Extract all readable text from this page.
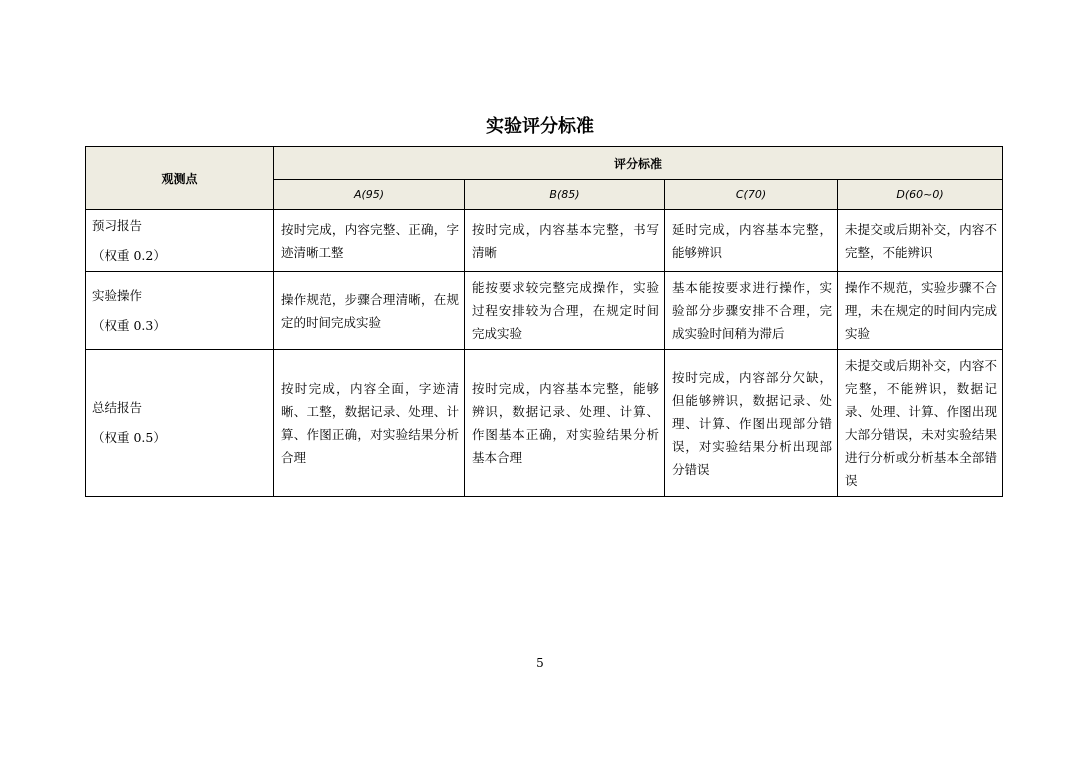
实验评分标准
观测点	评分标准			
	A(95)	B(85)	C(70)	D(60~0)
预习报告
（权重 0.2）	按时完成，内容完整、正确，字迹清晰工整	按时完成，内容基本完整，书写清晰	延时完成，内容基本完整，能够辨识	未提交或后期补交，内容不完整，不能辨识
实验操作
（权重 0.3）	操作规范，步骤合理清晰，在规定的时间完成实验	能按要求较完整完成操作，实验过程安排较为合理，在规定时间完成实验	基本能按要求进行操作，实验部分步骤安排不合理，完成实验时间稍为滞后	操作不规范，实验步骤不合理，未在规定的时间内完成实验
总结报告
（权重 0.5）	按时完成，内容全面，字迹清晰、工整，数据记录、处理、计算、作图正确，对实验结果分析合理	按时完成，内容基本完整，能够辨识，数据记录、处理、计算、作图基本正确，对实验结果分析基本合理	按时完成，内容部分欠缺，但能够辨识，数据记录、处理、计算、作图出现部分错误，对实验结果分析出现部分错误	未提交或后期补交，内容不完整，不能辨识，数据记录、处理、计算、作图出现大部分错误，未对实验结果进行分析或分析基本全部错误
5
